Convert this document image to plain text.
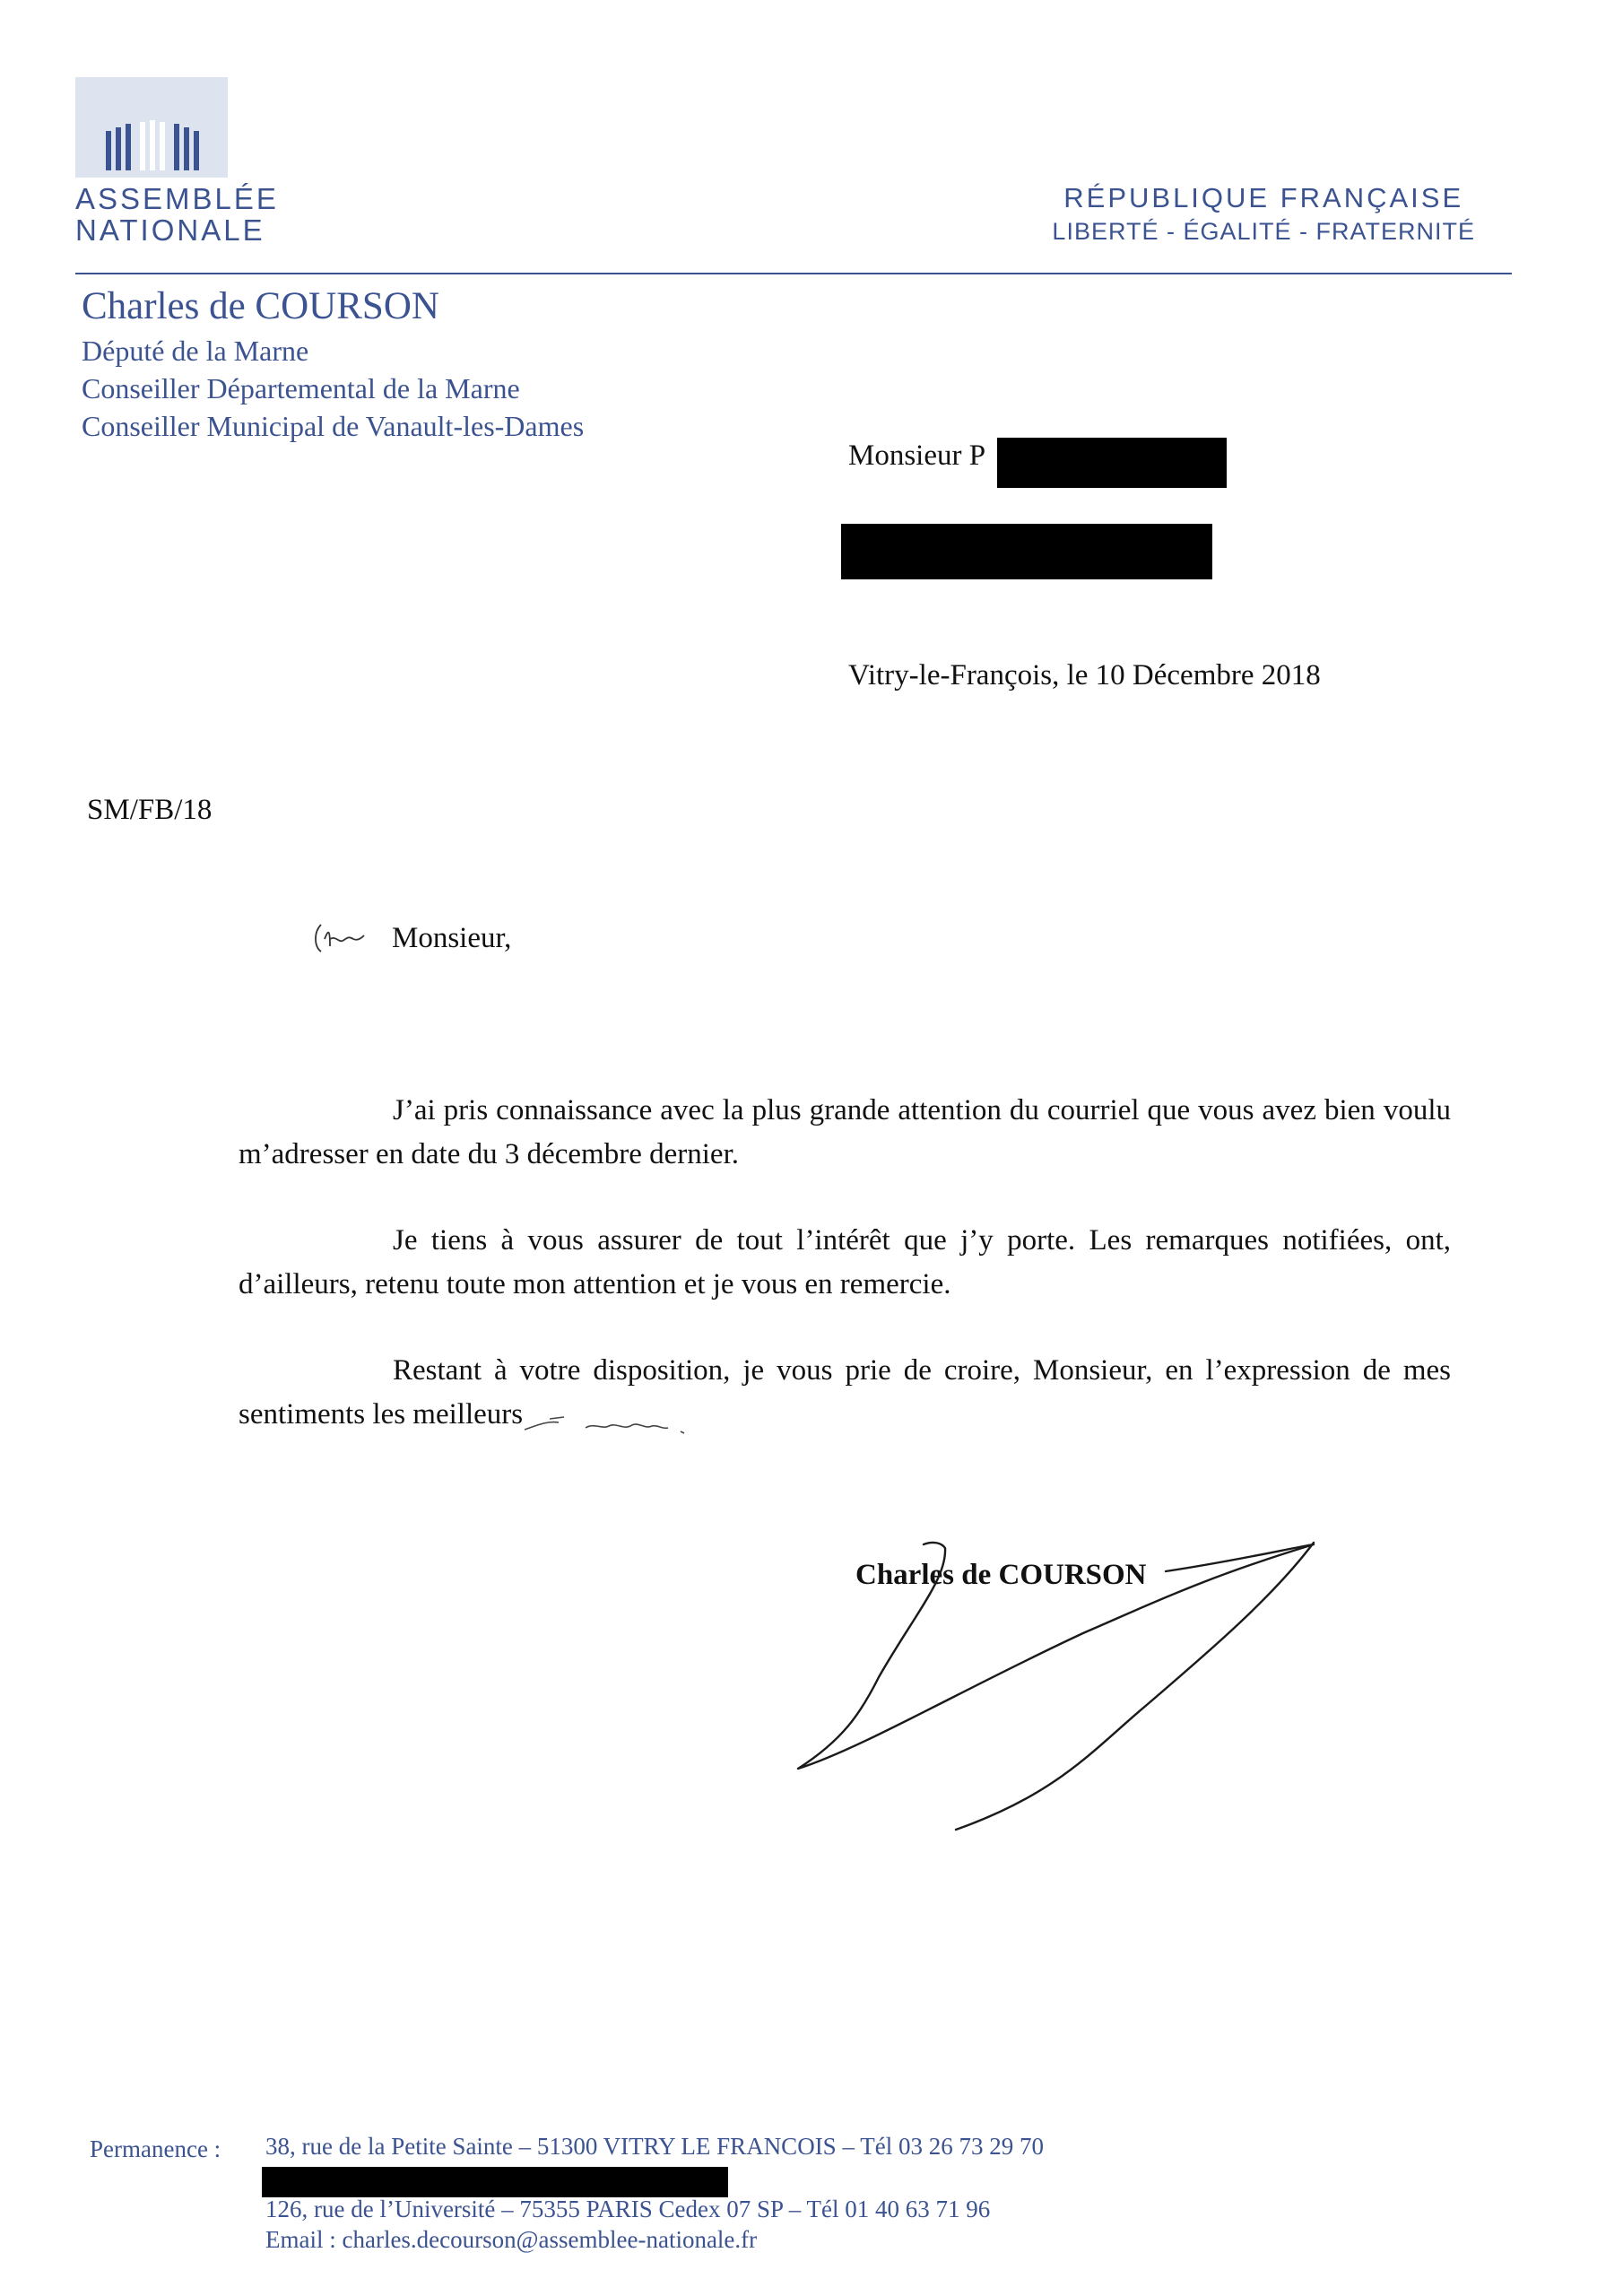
ASSEMBLÉE
NATIONALE
RÉPUBLIQUE FRANÇAISE
LIBERTÉ - ÉGALITÉ - FRATERNITÉ
Charles de COURSON
Député de la Marne
Conseiller Départemental de la Marne
Conseiller Municipal de Vanault-les-Dames
Monsieur P
Vitry-le-François, le 10 Décembre 2018
SM/FB/18
Monsieur,

J’ai pris connaissance avec la plus grande attention du courriel que vous avez bien voulu m’adresser en date du 3 décembre dernier.

Je tiens à vous assurer de tout l’intérêt que j’y porte. Les remarques notifiées, ont, d’ailleurs, retenu toute mon attention et je vous en remercie.

Restant à votre disposition, je vous prie de croire, Monsieur, en l’expression de mes sentiments les meilleurs

Charles de COURSON
Permanence : 38, rue de la Petite Sainte – 51300 VITRY LE FRANCOIS – Tél 03 26 73 29 70
126, rue de l’Université – 75355 PARIS Cedex 07 SP – Tél 01 40 63 71 96
Email : charles.decourson@assemblee-nationale.fr
